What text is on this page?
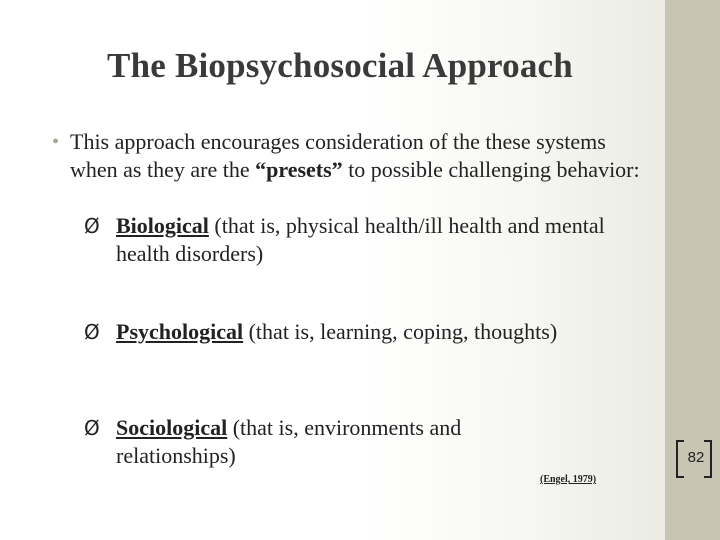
The Biopsychosocial Approach
• This approach encourages consideration of the these systems when as they are the “presets” to possible challenging behavior:
Ø Biological (that is, physical health/ill health and mental health disorders)
Ø Psychological (that is, learning, coping, thoughts)
Ø Sociological (that is, environments and relationships)
(Engel, 1979)
82
